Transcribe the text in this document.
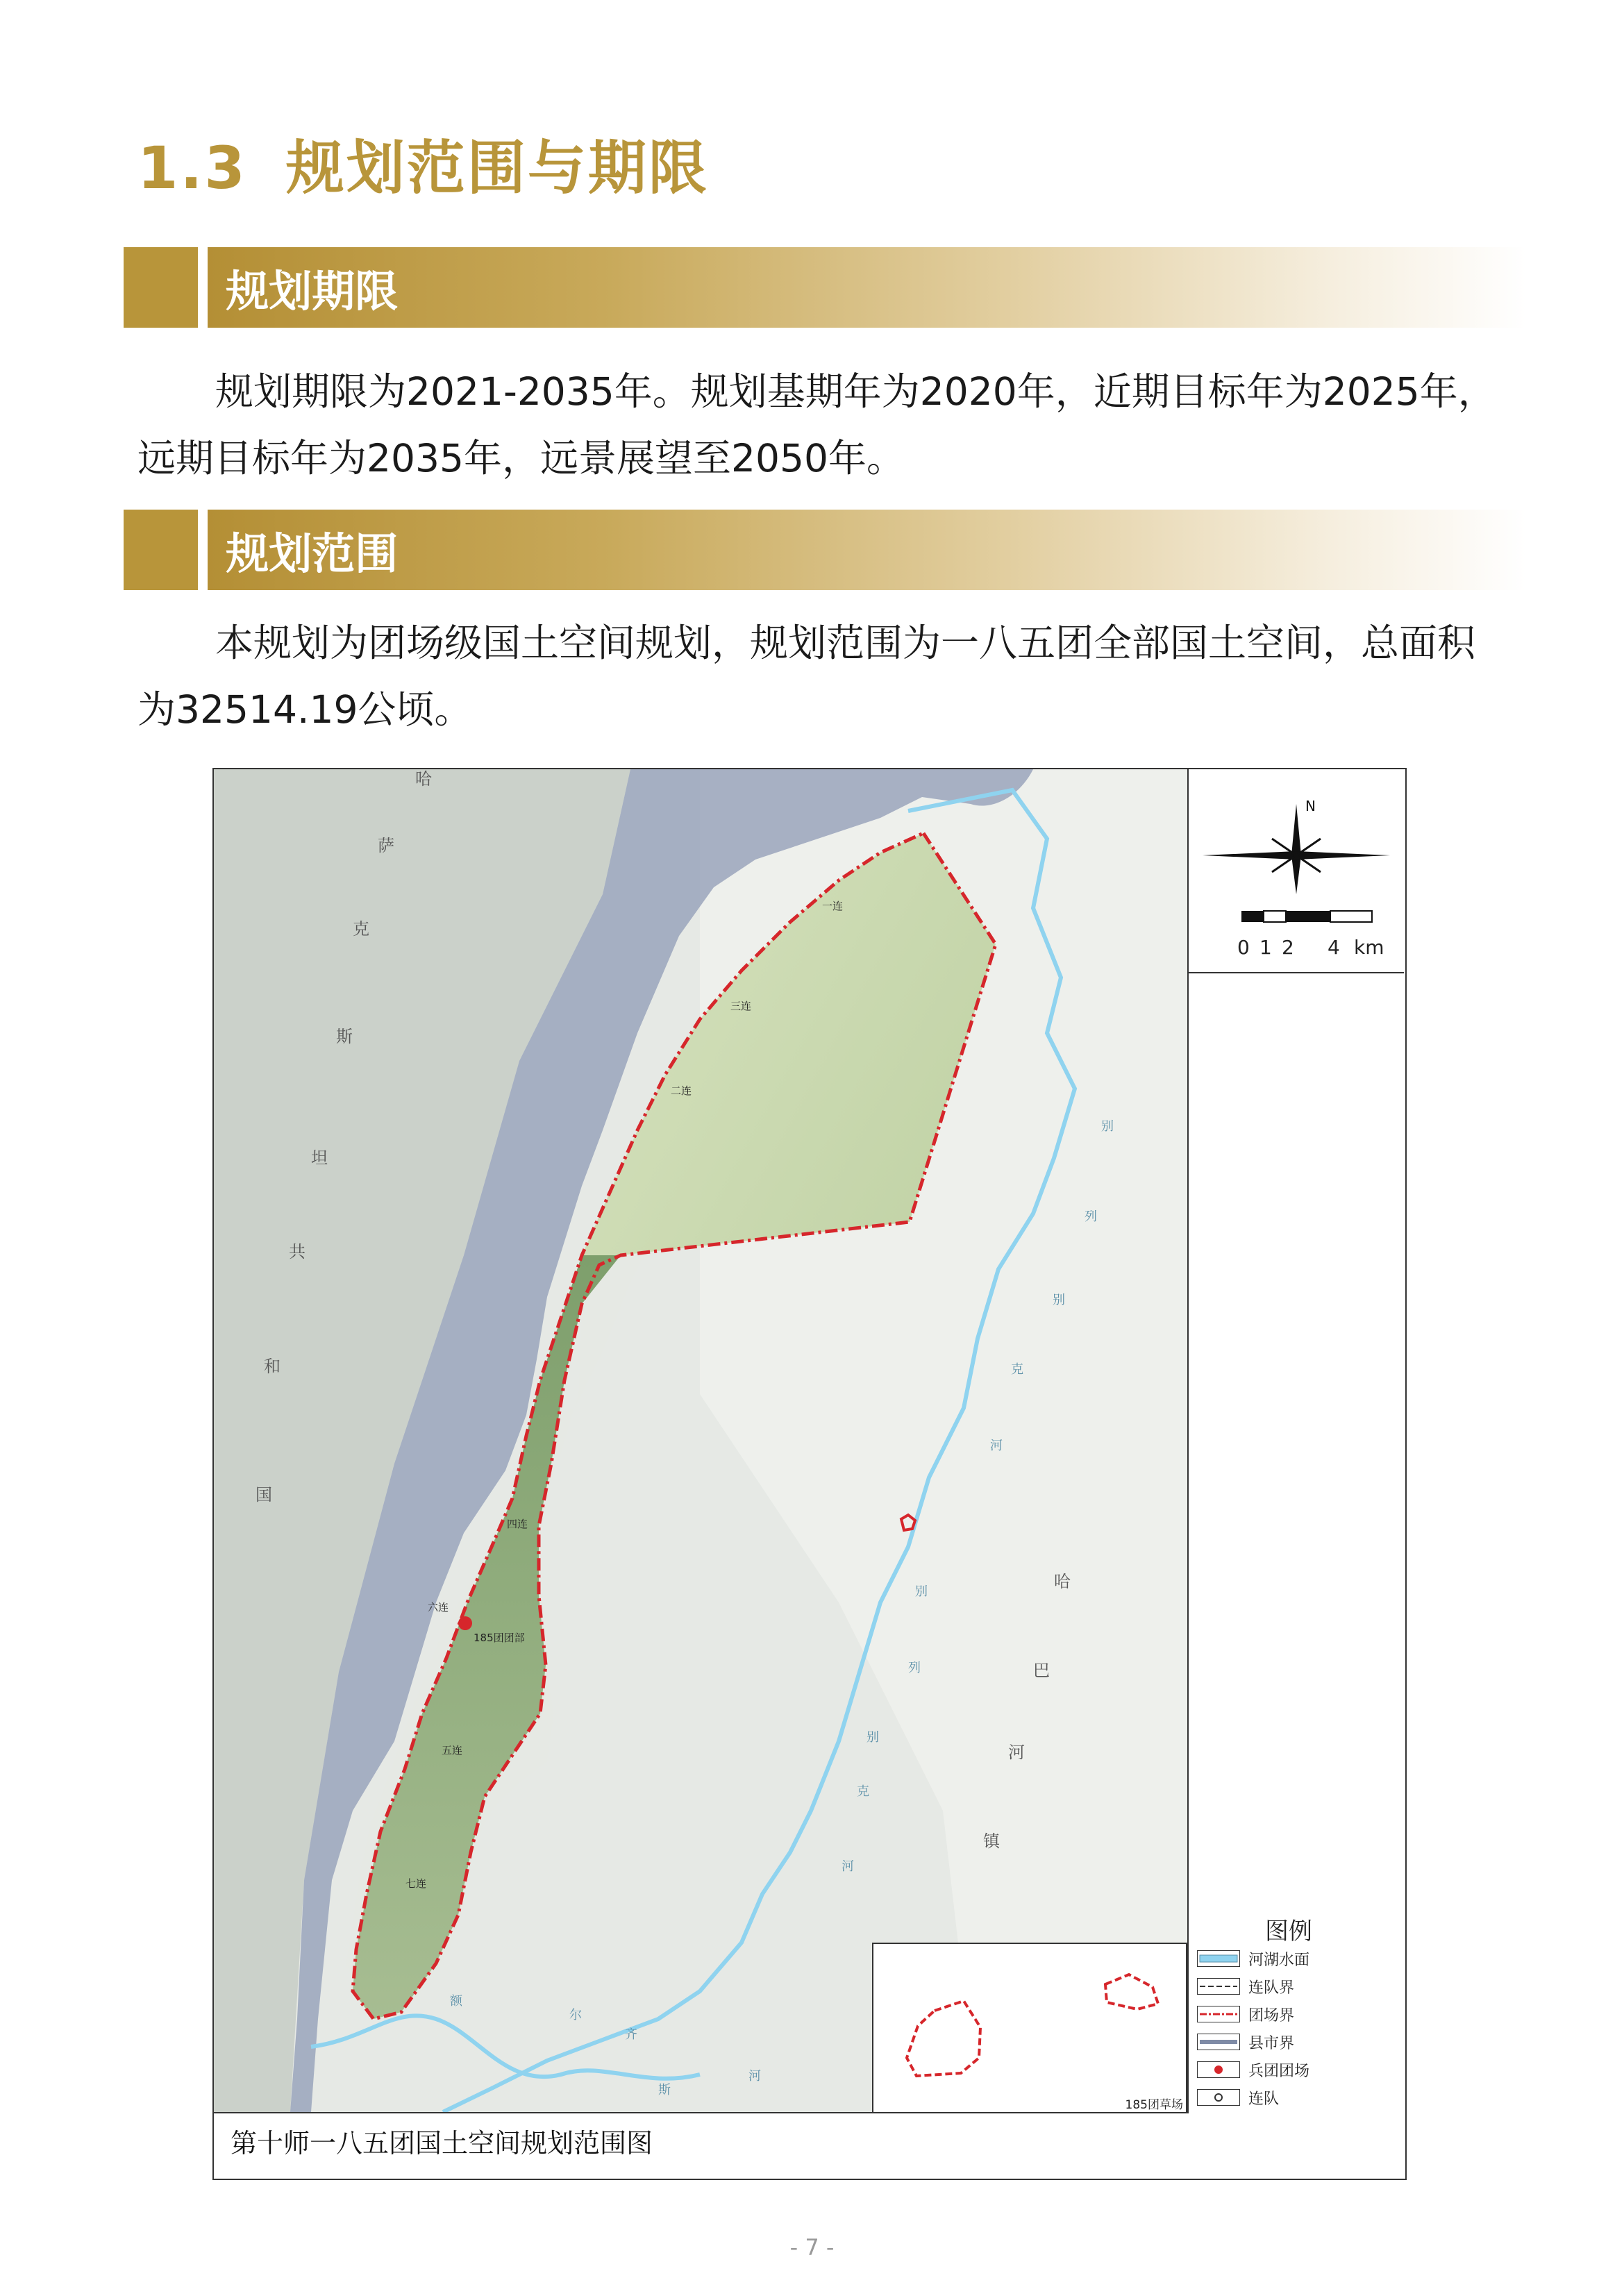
1.3 规划范围与期限
规划期限
规划期限为2021-2035年。规划基期年为2020年，近期目标年为2025年，远期目标年为2035年，远景展望至2050年。
规划范围
本规划为团场级国土空间规划，规划范围为一八五团全部国土空间，总面积为32514.19公顷。
哈
萨
克
斯
坦
共
和
国
哈
巴
河
镇
别
列
别
克
河
别
列
别
克
河
额
尔
齐
斯
河
一连
三连
二连
四连
六连
185团团部
五连
七连
185团草场
N
0 1 2 4 km
图例
河湖水面
连队界
团场界
县市界
兵团团场
连队
第十师一八五团国土空间规划范围图
- 7 -
